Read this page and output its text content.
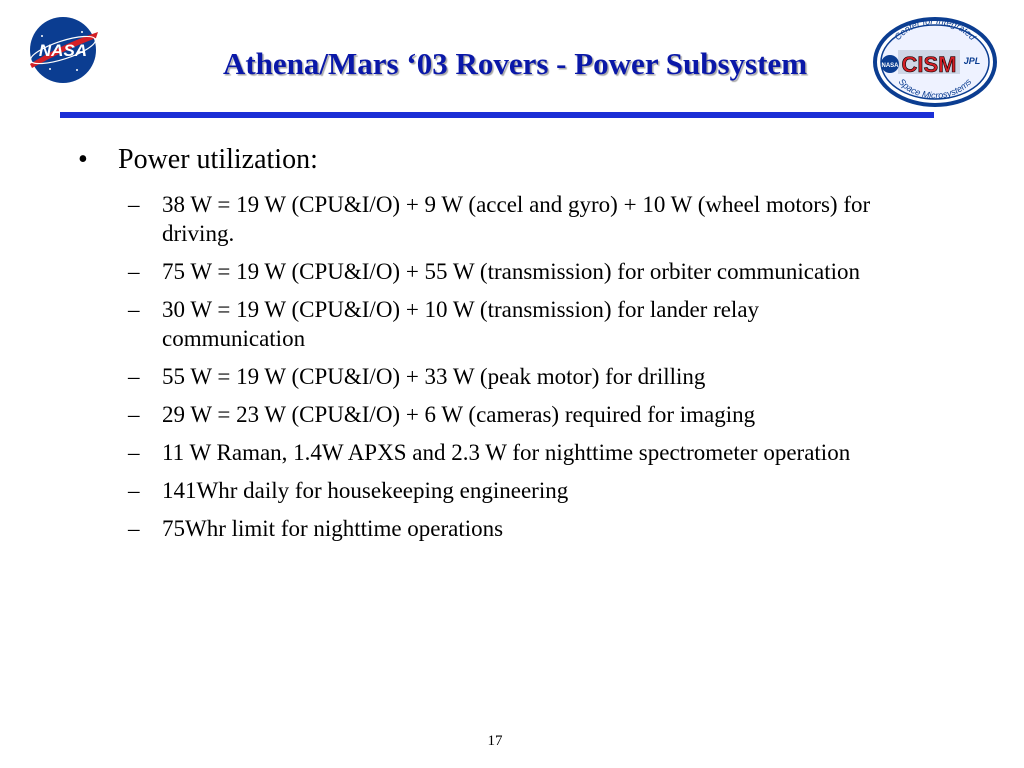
NASA	Athena/Mars ‘03 Rovers - Power Subsystem
Center for Integrated
Space Microsystems
NASA CISM JPL
•	Power utilization:
– 38 W = 19 W (CPU&I/O) + 9 W (accel and gyro) + 10 W (wheel motors) for driving.
– 75 W = 19 W (CPU&I/O) + 55 W (transmission) for orbiter communication
– 30 W = 19 W (CPU&I/O) + 10 W (transmission) for lander relay communication
– 55 W = 19 W (CPU&I/O) + 33 W (peak motor) for drilling
– 29 W = 23 W (CPU&I/O) + 6 W (cameras) required for imaging
– 11 W Raman, 1.4W APXS and 2.3 W for nighttime spectrometer operation
– 141Whr daily for housekeeping engineering
– 75Whr limit for nighttime operations
17
